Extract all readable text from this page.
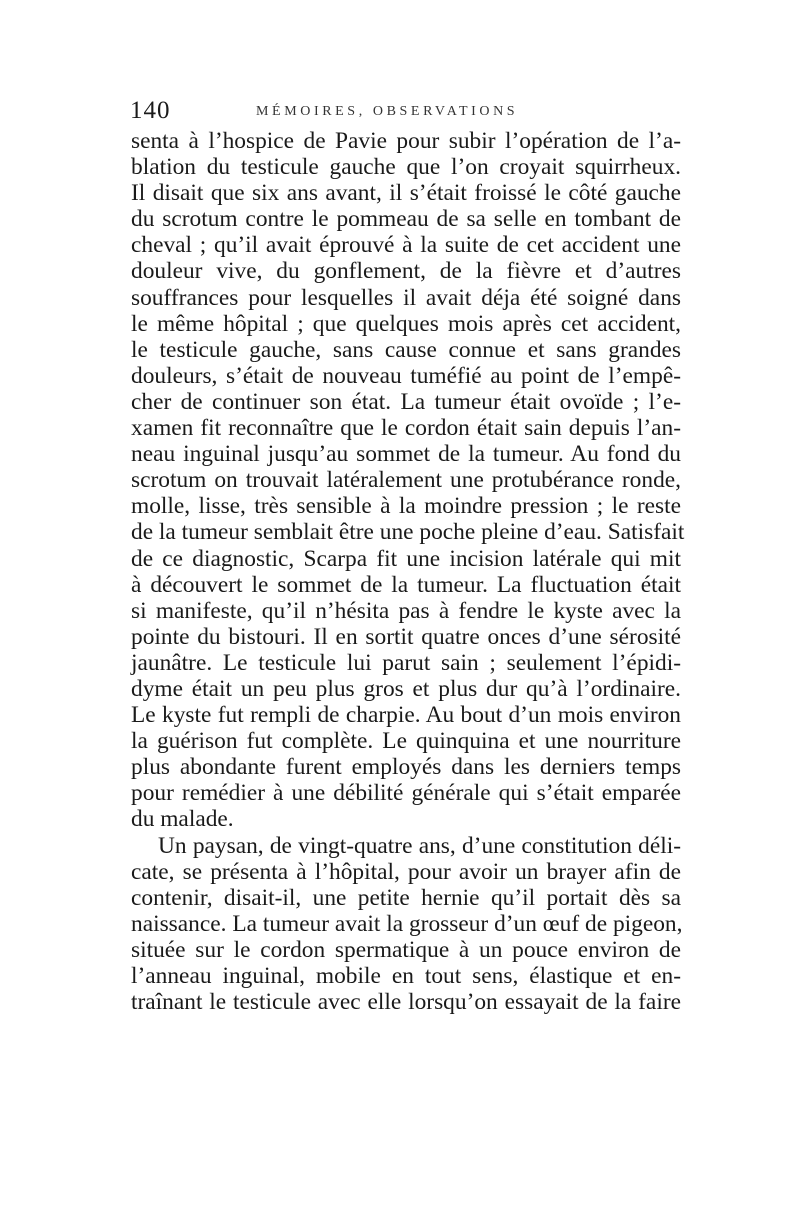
140	MÉMOIRES, OBSERVATIONS
senta à l’hospice de Pavie pour subir l’opération de l’a-
blation du testicule gauche que l’on croyait squirrheux.
Il disait que six ans avant, il s’était froissé le côté gauche
du scrotum contre le pommeau de sa selle en tombant de
cheval ; qu’il avait éprouvé à la suite de cet accident une
douleur vive, du gonflement, de la fièvre et d’autres
souffrances pour lesquelles il avait déja été soigné dans
le même hôpital ; que quelques mois après cet accident,
le testicule gauche, sans cause connue et sans grandes
douleurs, s’était de nouveau tuméfié au point de l’empê-
cher de continuer son état. La tumeur était ovoïde ; l’e-
xamen fit reconnaître que le cordon était sain depuis l’an-
neau inguinal jusqu’au sommet de la tumeur. Au fond du
scrotum on trouvait latéralement une protubérance ronde,
molle, lisse, très sensible à la moindre pression ; le reste
de la tumeur semblait être une poche pleine d’eau. Satisfait
de ce diagnostic, Scarpa fit une incision latérale qui mit
à découvert le sommet de la tumeur. La fluctuation était
si manifeste, qu’il n’hésita pas à fendre le kyste avec la
pointe du bistouri. Il en sortit quatre onces d’une sérosité
jaunâtre. Le testicule lui parut sain ; seulement l’épidi-
dyme était un peu plus gros et plus dur qu’à l’ordinaire.
Le kyste fut rempli de charpie. Au bout d’un mois environ
la guérison fut complète. Le quinquina et une nourriture
plus abondante furent employés dans les derniers temps
pour remédier à une débilité générale qui s’était emparée
du malade.
Un paysan, de vingt-quatre ans, d’une constitution déli-
cate, se présenta à l’hôpital, pour avoir un brayer afin de
contenir, disait-il, une petite hernie qu’il portait dès sa
naissance. La tumeur avait la grosseur d’un œuf de pigeon,
située sur le cordon spermatique à un pouce environ de
l’anneau inguinal, mobile en tout sens, élastique et en-
traînant le testicule avec elle lorsqu’on essayait de la faire
